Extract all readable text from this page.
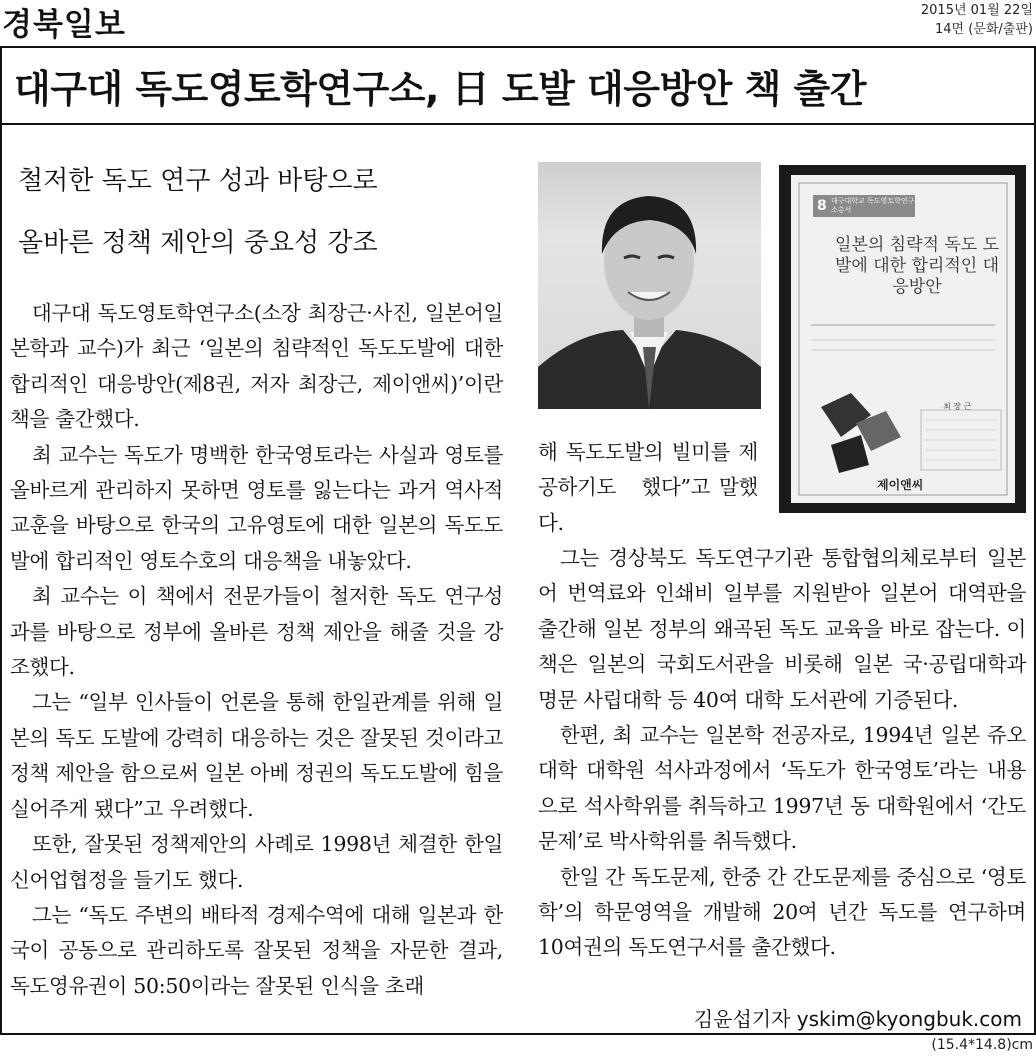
경북일보	2015년 01월 22일
14면 (문화/출판)
대구대 독도영토학연구소, 日 도발 대응방안 책 출간
철저한 독도 연구 성과 바탕으로
올바른 정책 제안의 중요성 강조

대구대 독도영토학연구소(소장 최장근·사진, 일본어일본학과 교수)가 최근 ‘일본의 침략적인 독도도발에 대한 합리적인 대응방안(제8권, 저자 최장근, 제이앤씨)’이란 책을 출간했다.

최 교수는 독도가 명백한 한국영토라는 사실과 영토를 올바르게 관리하지 못하면 영토를 잃는다는 과거 역사적 교훈을 바탕으로 한국의 고유영토에 대한 일본의 독도도발에 합리적인 영토수호의 대응책을 내놓았다.

최 교수는 이 책에서 전문가들이 철저한 독도 연구성과를 바탕으로 정부에 올바른 정책 제안을 해줄 것을 강조했다.

그는 “일부 인사들이 언론을 통해 한일관계를 위해 일본의 독도 도발에 강력히 대응하는 것은 잘못된 것이라고 정책 제안을 함으로써 일본 아베 정권의 독도도발에 힘을 실어주게 됐다”고 우려했다.

또한, 잘못된 정책제안의 사례로 1998년 체결한 한일 신어업협정을 들기도 했다.

그는 “독도 주변의 배타적 경제수역에 대해 일본과 한국이 공동으로 관리하도록 잘못된 정책을 자문한 결과, 독도영유권이 50:50이라는 잘못된 인식을 초래

8 대구대학교 독도영토학연구소총서
일본의 침략적 독도 도발에 대한 합리적인 대응방안
최 장 근
제이앤씨
해 독도도발의 빌미를 제공하기도　했다”고 말했다.

그는 경상북도 독도연구기관 통합협의체로부터 일본어 번역료와 인쇄비 일부를 지원받아 일본어 대역판을 출간해 일본 정부의 왜곡된 독도 교육을 바로 잡는다. 이 책은 일본의 국회도서관을 비롯해 일본 국·공립대학과 명문 사립대학 등 40여 대학 도서관에 기증된다.

한편, 최 교수는 일본학 전공자로, 1994년 일본 쥬오대학 대학원 석사과정에서 ‘독도가 한국영토’라는 내용으로 석사학위를 취득하고 1997년 동 대학원에서 ‘간도문제’로 박사학위를 취득했다.

한일 간 독도문제, 한중 간 간도문제를 중심으로 ‘영토학’의 학문영역을 개발해 20여 년간 독도를 연구하며 10여권의 독도연구서를 출간했다.

김윤섭기자 yskim@kyongbuk.com
(15.4*14.8)cm
